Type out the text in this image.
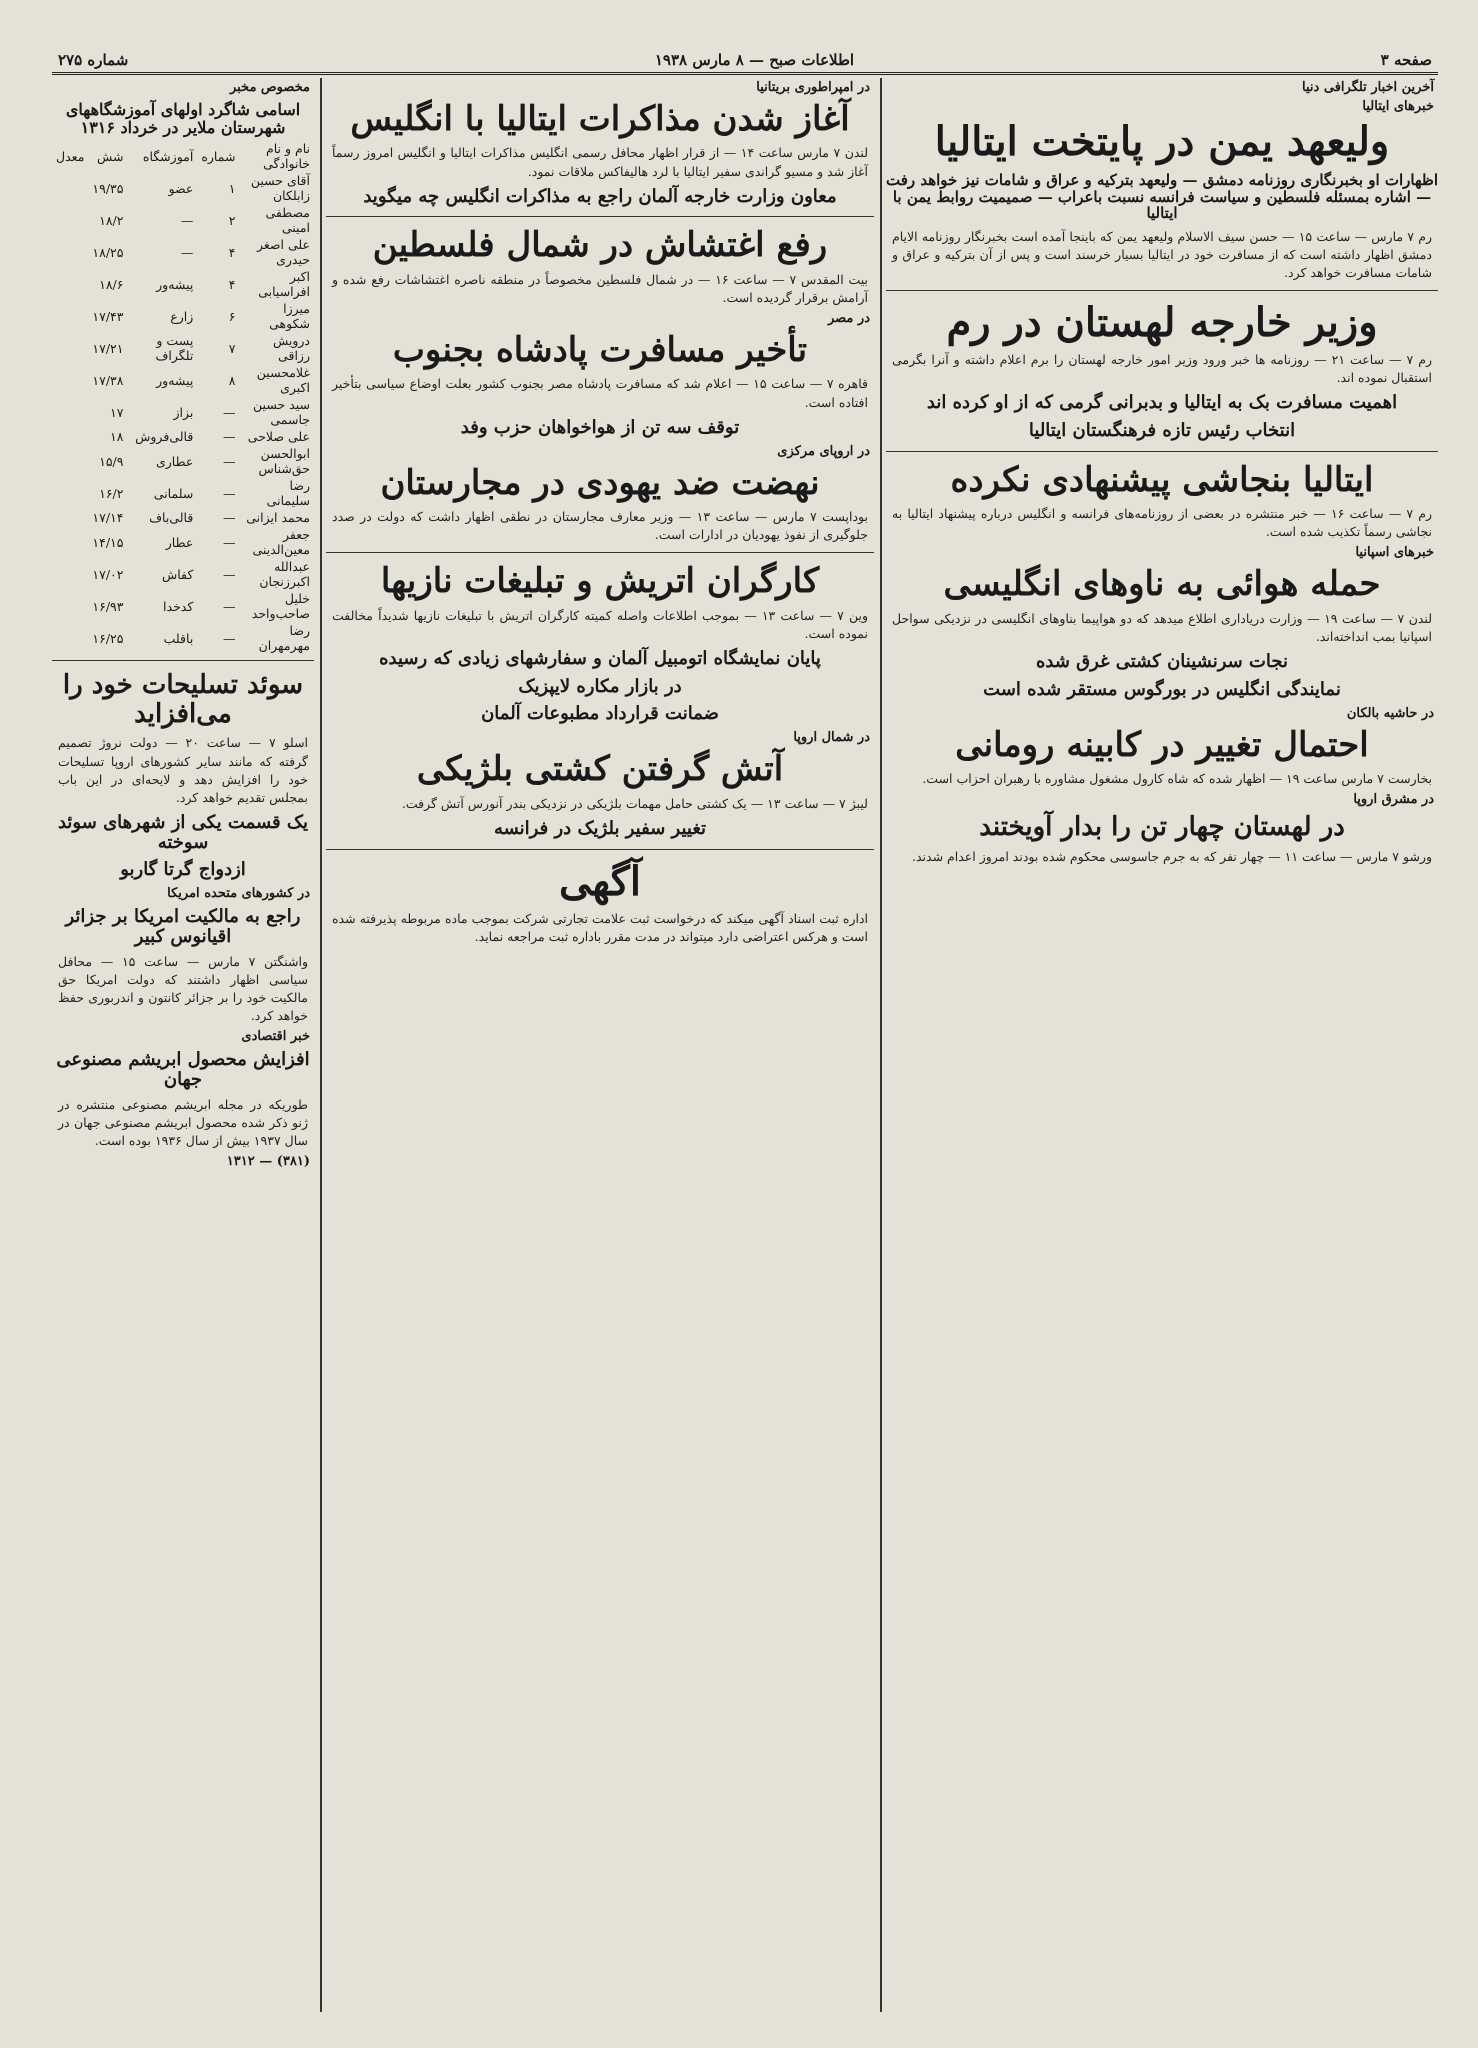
صفحه ۳
اطلاعات صبح — ۸ مارس ۱۹۳۸
شماره ۲۷۵
آخرین اخبار تلگرافی دنیا
خبرهای ایتالیا
ولیعهد یمن در پایتخت ایتالیا
اظهارات او بخبرنگاری روزنامه دمشق — ولیعهد بترکیه و عراق و شامات نیز خواهد رفت — اشاره بمسئله فلسطین و سیاست فرانسه نسبت باعراب — صمیمیت روابط یمن با ایتالیا
رم ۷ مارس — ساعت ۱۵ — حسن سیف الاسلام ولیعهد یمن که باینجا آمده است بخبرنگار روزنامه الایام دمشق اظهار داشته است که از مسافرت خود در ایتالیا بسیار خرسند است و پس از آن بترکیه و عراق و شامات مسافرت خواهد کرد.
وزیر خارجه لهستان در رم
رم ۷ — ساعت ۲۱ — روزنامه ها خبر ورود وزیر امور خارجه لهستان را برم اعلام داشته و آنرا بگرمی استقبال نموده اند.
اهمیت مسافرت بک به ایتالیا و بدبرانی گرمی که از او کرده اند
انتخاب رئیس تازه فرهنگستان ایتالیا
ایتالیا بنجاشی پیشنهادی نکرده
رم ۷ — ساعت ۱۶ — خبر منتشره در بعضی از روزنامه‌های فرانسه و انگلیس درباره پیشنهاد ایتالیا به نجاشی رسماً تکذیب شده است.
خبرهای اسپانیا
حمله هوائی به ناوهای انگلیسی
لندن ۷ — ساعت ۱۹ — وزارت دریاداری اطلاع میدهد که دو هواپیما بناوهای انگلیسی در نزدیکی سواحل اسپانیا بمب انداخته‌اند.
نجات سرنشینان کشتی غرق شده
نمایندگی انگلیس در بورگوس مستقر شده است
در حاشیه بالکان
احتمال تغییر در کابینه رومانی
بخارست ۷ مارس ساعت ۱۹ — اظهار شده که شاه کارول مشغول مشاوره با رهبران احزاب است.
در مشرق اروپا
در لهستان چهار تن را بدار آویختند
ورشو ۷ مارس — ساعت ۱۱ — چهار نفر که به جرم جاسوسی محکوم شده بودند امروز اعدام شدند.
در امپراطوری بریتانیا
آغاز شدن مذاکرات ایتالیا با انگلیس
لندن ۷ مارس ساعت ۱۴ — از قرار اظهار محافل رسمی انگلیس مذاکرات ایتالیا و انگلیس امروز رسماً آغاز شد و مسیو گراندی سفیر ایتالیا با لرد هالیفاکس ملاقات نمود.
معاون وزارت خارجه آلمان راجع به مذاکرات انگلیس چه میگوید
رفع اغتشاش در شمال فلسطین
بیت المقدس ۷ — ساعت ۱۶ — در شمال فلسطین مخصوصاً در منطقه ناصره اغتشاشات رفع شده و آرامش برقرار گردیده است.
در مصر
تأخیر مسافرت پادشاه بجنوب
قاهره ۷ — ساعت ۱۵ — اعلام شد که مسافرت پادشاه مصر بجنوب کشور بعلت اوضاع سیاسی بتأخیر افتاده است.
توقف سه تن از هواخواهان حزب وفد
در اروپای مرکزی
نهضت ضد یهودی در مجارستان
بوداپست ۷ مارس — ساعت ۱۳ — وزیر معارف مجارستان در نطقی اظهار داشت که دولت در صدد جلوگیری از نفوذ یهودیان در ادارات است.
کارگران اتریش و تبلیغات نازیها
وین ۷ — ساعت ۱۳ — بموجب اطلاعات واصله کمیته کارگران اتریش با تبلیغات نازیها شدیداً مخالفت نموده است.
پایان نمایشگاه اتومبیل آلمان و سفارشهای زیادی که رسیده
در بازار مکاره لایپزیک
ضمانت قرارداد مطبوعات آلمان
در شمال اروپا
آتش گرفتن کشتی بلژیکی
لیبژ ۷ — ساعت ۱۳ — یک کشتی حامل مهمات بلژیکی در نزدیکی بندر آنورس آتش گرفت.
تغییر سفیر بلژیک در فرانسه
آگهی
اداره ثبت اسناد آگهی میکند که درخواست ثبت علامت تجارتی شرکت بموجب ماده مربوطه پذیرفته شده است و هرکس اعتراضی دارد میتواند در مدت مقرر باداره ثبت مراجعه نماید.
مخصوص مخبر
اسامی شاگرد اولهای آموزشگاههای شهرستان ملایر در خرداد ۱۳۱۶
نام و نام خانوادگی	شماره	آموزشگاه	شش	معدل
آقای حسین زابلکان	۱	عضو	۱۹/۳۵	
مصطفی امینی	۲	—	۱۸/۲	
علی اصغر حیدری	۴	—	۱۸/۲۵	
اکبر افراسیابی	۴	پیشه‌ور	۱۸/۶	
میرزا شکوهی	۶	زارع	۱۷/۴۳	
درویش رزاقی	۷	پست و تلگراف	۱۷/۲۱	
غلامحسین اکبری	۸	پیشه‌ور	۱۷/۳۸	
سید حسین جاسمی	—	بزاز	۱۷	
علی صلاحی	—	قالی‌فروش	۱۸	
ابوالحسن حق‌شناس	—	عطاری	۱۵/۹	
رضا سلیمانی	—	سلمانی	۱۶/۲	
محمد ایزانی	—	قالی‌باف	۱۷/۱۴	
جعفر معین‌الدینی	—	عطار	۱۴/۱۵	
عبدالله اکبرزنجان	—	کفاش	۱۷/۰۲	
خلیل صاحب‌واحد	—	کدخدا	۱۶/۹۳	
رضا مهرمهران	—	باقلب	۱۶/۲۵	
سوئد تسلیحات خود را می‌افزاید
اسلو ۷ — ساعت ۲۰ — دولت نروژ تصمیم گرفته که مانند سایر کشورهای اروپا تسلیحات خود را افزایش دهد و لایحه‌ای در این باب بمجلس تقدیم خواهد کرد.
یک قسمت یکی از شهرهای سوئد سوخته
ازدواج گرتا گاربو
در کشورهای متحده امریکا
راجع به مالکیت امریکا بر جزائر اقیانوس کبیر
واشنگتن ۷ مارس — ساعت ۱۵ — محافل سیاسی اظهار داشتند که دولت امریکا حق مالکیت خود را بر جزائر کانتون و اندربوری حفظ خواهد کرد.
خبر اقتصادی
افزایش محصول ابریشم مصنوعی جهان
طوریکه در مجله ابریشم مصنوعی منتشره در ژنو ذکر شده محصول ابریشم مصنوعی جهان در سال ۱۹۳۷ بیش از سال ۱۹۳۶ بوده است.
(۳۸۱) — ۱۳۱۲
